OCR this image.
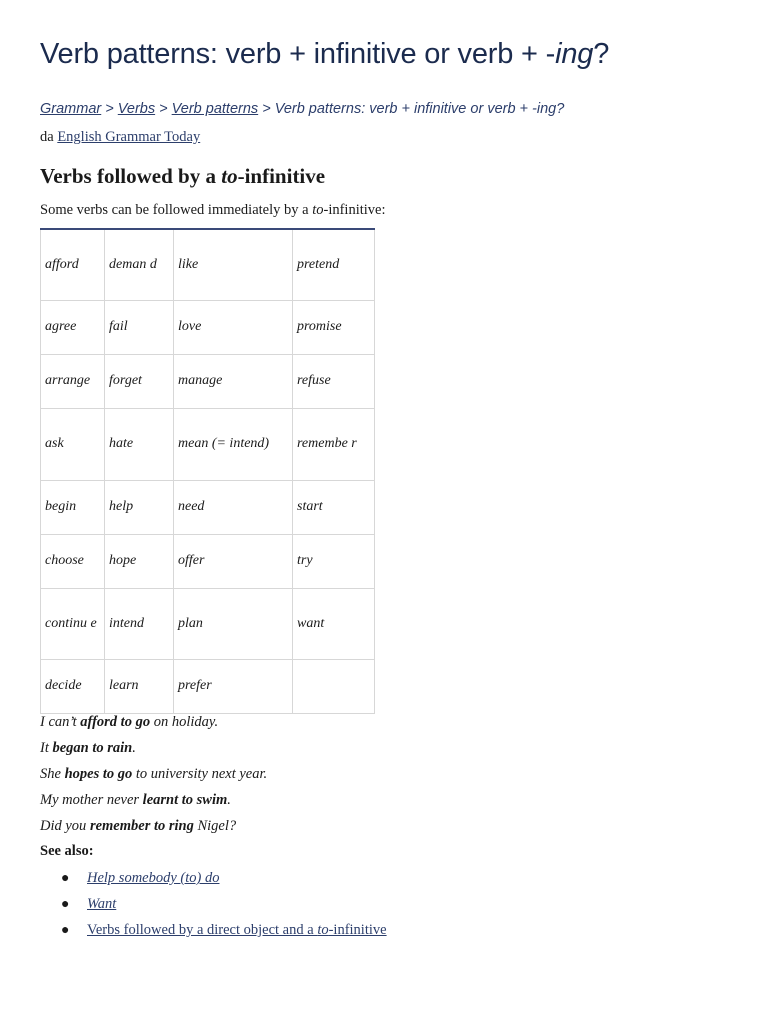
Verb patterns: verb + infinitive or verb + -ing?
Grammar > Verbs > Verb patterns > Verb patterns: verb + infinitive or verb + -ing?
da English Grammar Today
Verbs followed by a to-infinitive
Some verbs can be followed immediately by a to-infinitive:
afford	deman d	like	pretend
agree	fail	love	promise
arrange	forget	manage	refuse
ask	hate	mean (= intend)	remembe r
begin	help	need	start
choose	hope	offer	try
continu e	intend	plan	want
decide	learn	prefer	

I can’t afford to go on holiday.

It began to rain.

She hopes to go to university next year.

My mother never learnt to swim.

Did you remember to ring Nigel?

See also:
● Help somebody (to) do
● Want
● Verbs followed by a direct object and a to-infinitive
